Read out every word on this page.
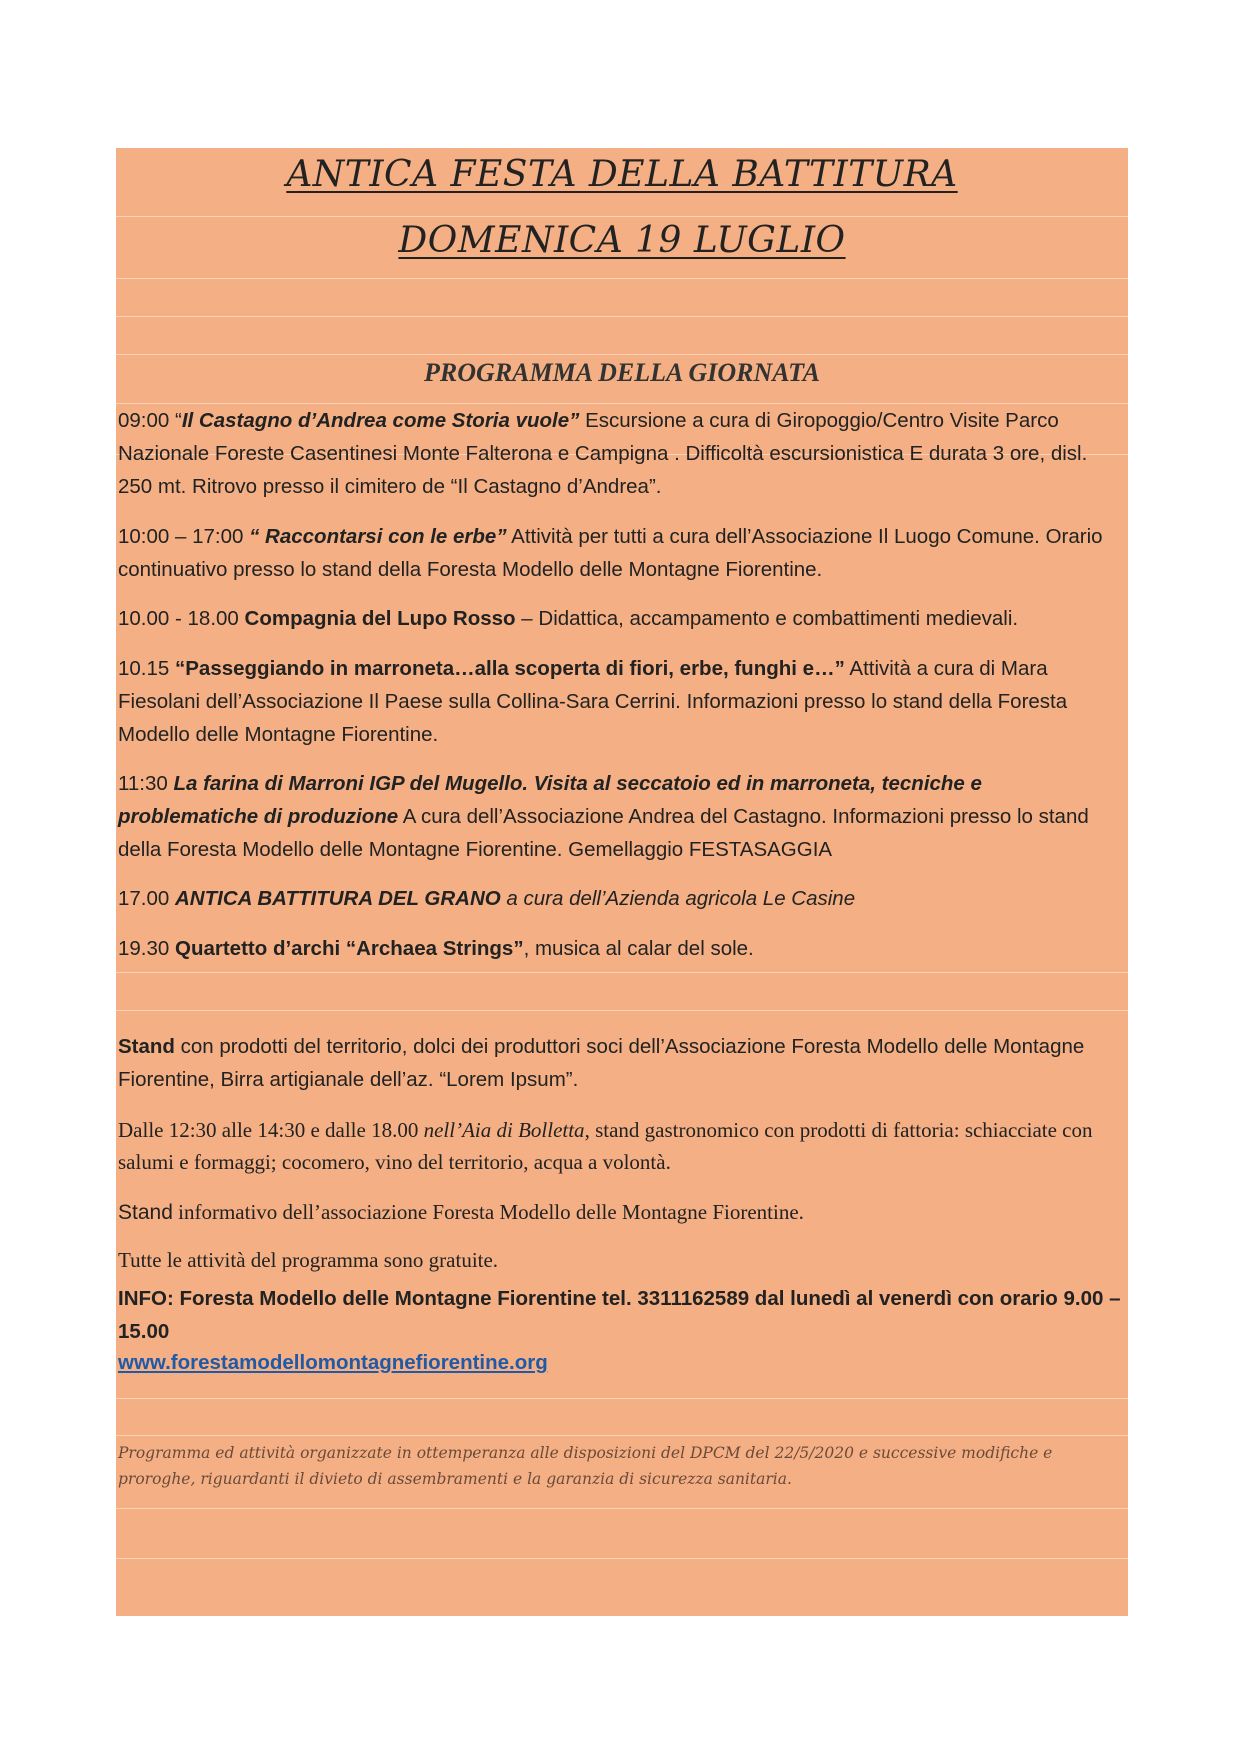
ANTICA FESTA DELLA BATTITURA
DOMENICA 19 LUGLIO
PROGRAMMA DELLA GIORNATA
09:00 “Il Castagno d’Andrea come Storia vuole” Escursione a cura di Giropoggio/Centro Visite Parco Nazionale Foreste Casentinesi Monte Falterona e Campigna . Difficoltà escursionistica E durata 3 ore, disl. 250 mt. Ritrovo presso il cimitero de “Il Castagno d’Andrea”.
10:00 – 17:00 “ Raccontarsi con le erbe” Attività per tutti a cura dell’Associazione Il Luogo Comune. Orario continuativo presso lo stand della Foresta Modello delle Montagne Fiorentine.
10.00 - 18.00 Compagnia del Lupo Rosso – Didattica, accampamento e combattimenti medievali.
10.15 “Passeggiando in marroneta…alla scoperta di fiori, erbe, funghi e…” Attività a cura di Mara Fiesolani dell’Associazione Il Paese sulla Collina-Sara Cerrini. Informazioni presso lo stand della Foresta Modello delle Montagne Fiorentine.
11:30 La farina di Marroni IGP del Mugello. Visita al seccatoio ed in marroneta, tecniche e problematiche di produzione A cura dell’Associazione Andrea del Castagno. Informazioni presso lo stand della Foresta Modello delle Montagne Fiorentine. Gemellaggio FESTASAGGIA
17.00 ANTICA BATTITURA DEL GRANO a cura dell’Azienda agricola Le Casine
19.30 Quartetto d’archi “Archaea Strings”, musica al calar del sole.
Stand con prodotti del territorio, dolci dei produttori soci dell’Associazione Foresta Modello delle Montagne Fiorentine, Birra artigianale dell’az. “Lorem Ipsum”.
Dalle 12:30 alle 14:30 e dalle 18.00 nell’Aia di Bolletta, stand gastronomico con prodotti di fattoria: schiacciate con salumi e formaggi; cocomero, vino del territorio, acqua a volontà.
Stand informativo dell’associazione Foresta Modello delle Montagne Fiorentine.
Tutte le attività del programma sono gratuite.
INFO: Foresta Modello delle Montagne Fiorentine tel. 3311162589 dal lunedì al venerdì con orario 9.00 – 15.00
www.forestamodellomontagnefiorentine.org
Programma ed attività organizzate in ottemperanza alle disposizioni del DPCM del 22/5/2020 e successive modifiche e proroghe, riguardanti il divieto di assembramenti e la garanzia di sicurezza sanitaria.
